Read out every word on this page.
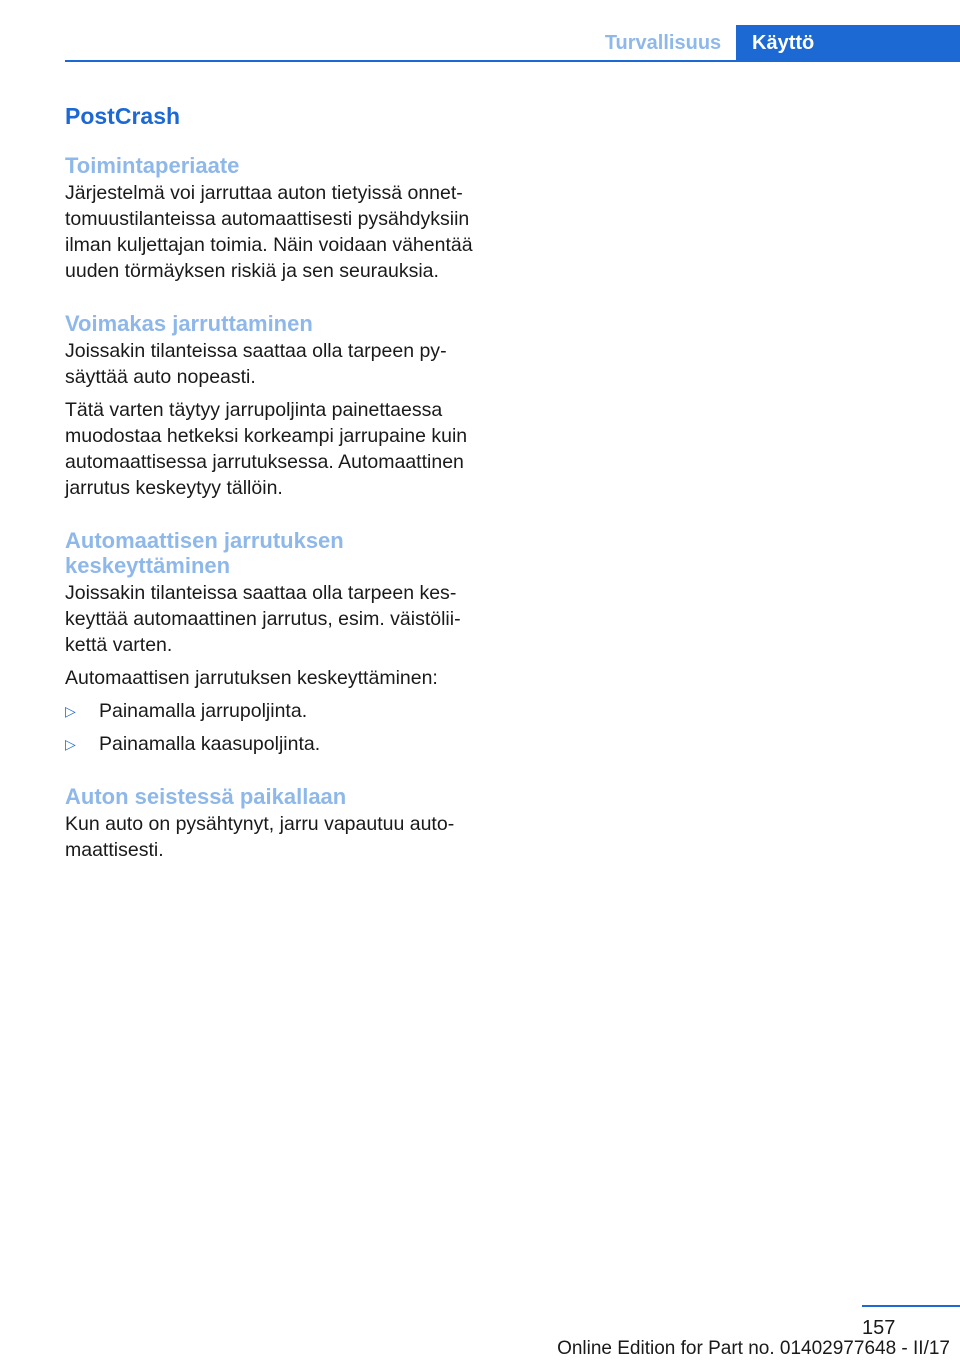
Turvallisuus	Käyttö
PostCrash
Toimintaperiaate

Järjestelmä voi jarruttaa auton tietyissä onnettomuustilanteissa automaattisesti pysähdyksiin ilman kuljettajan toimia. Näin voidaan vähentää uuden törmäyksen riskiä ja sen seurauksia.

Voimakas jarruttaminen

Joissakin tilanteissa saattaa olla tarpeen pysäyttää auto nopeasti.

Tätä varten täytyy jarrupoljinta painettaessa muodostaa hetkeksi korkeampi jarrupaine kuin automaattisessa jarrutuksessa. Automaattinen jarrutus keskeytyy tällöin.

Automaattisen jarrutuksen keskeyttäminen

Joissakin tilanteissa saattaa olla tarpeen keskeyttää automaattinen jarrutus, esim. väistöliikettä varten.

Automaattisen jarrutuksen keskeyttäminen:

▷	Painamalla jarrupoljinta.
▷	Painamalla kaasupoljinta.
Auton seistessä paikallaan

Kun auto on pysähtynyt, jarru vapautuu automaattisesti.

157
Online Edition for Part no. 01402977648 - II/17
